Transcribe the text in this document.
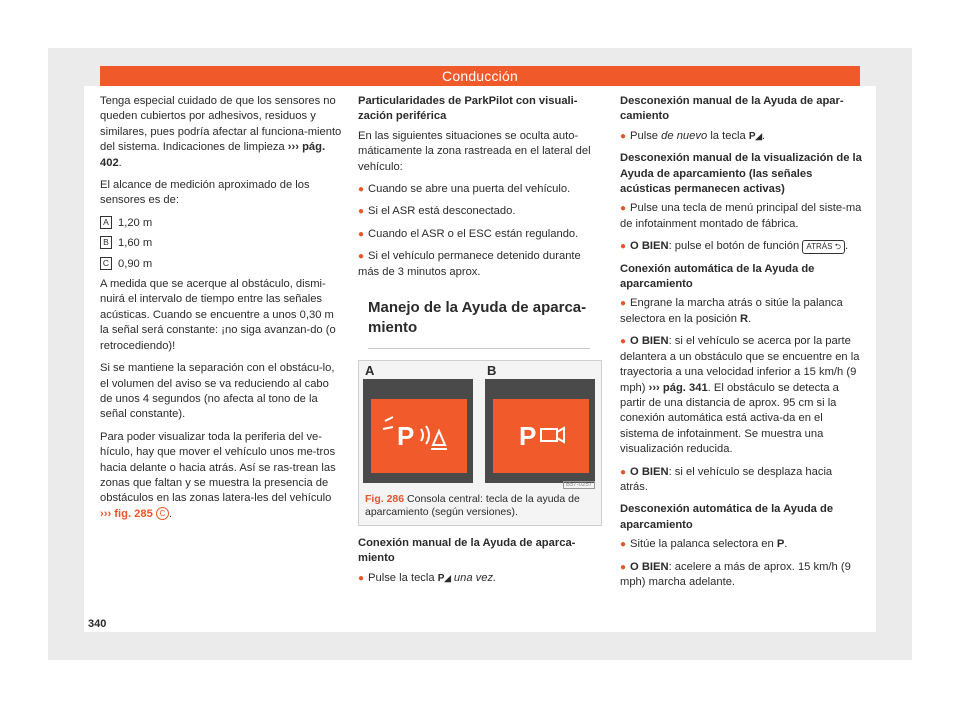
Conducción

Tenga especial cuidado de que los sensores no queden cubiertos por adhesivos, residuos y similares, pues podría afectar al funciona-miento del sistema. Indicaciones de limpieza ››› pág. 402.

El alcance de medición aproximado de los sensores es de:

A 1,20 m
B 1,60 m
C 0,90 m

A medida que se acerque al obstáculo, dismi-nuirá el intervalo de tiempo entre las señales acústicas. Cuando se encuentre a unos 0,30 m la señal será constante: ¡no siga avanzan-do (o retrocediendo)!

Si se mantiene la separación con el obstácu-lo, el volumen del aviso se va reduciendo al cabo de unos 4 segundos (no afecta al tono de la señal constante).

Para poder visualizar toda la periferia del ve-hículo, hay que mover el vehículo unos me-tros hacia delante o hacia atrás. Así se ras-trean las zonas que faltan y se muestra la presencia de obstáculos en las zonas latera-les del vehículo ››› fig. 285 C .

Particularidades de ParkPilot con visuali-zación periférica

En las siguientes situaciones se oculta auto-máticamente la zona rastreada en el lateral del vehículo:

● Cuando se abre una puerta del vehículo.

● Si el ASR está desconectado.

● Cuando el ASR o el ESC están regulando.

● Si el vehículo permanece detenido durante más de 3 minutos aprox.

Manejo de la Ayuda de aparca-miento
A	B
P	P
B57-0257
Fig. 286 Consola central: tecla de la ayuda de aparcamiento (según versiones).

Conexión manual de la Ayuda de aparca-miento

● Pulse la tecla P◢ una vez.

Desconexión manual de la Ayuda de apar-camiento

● Pulse de nuevo la tecla P◢.

Desconexión manual de la visualización de la Ayuda de aparcamiento (las señales acústicas permanecen activas)

● Pulse una tecla de menú principal del siste-ma de infotainment montado de fábrica.

● O BIEN: pulse el botón de función ATRÁS ⮌ .

Conexión automática de la Ayuda de aparcamiento

● Engrane la marcha atrás o sitúe la palanca selectora en la posición R.

● O BIEN: si el vehículo se acerca por la parte delantera a un obstáculo que se encuentre en la trayectoria a una velocidad inferior a 15 km/h (9 mph) ››› pág. 341. El obstáculo se detecta a partir de una distancia de aprox. 95 cm si la conexión automática está activa-da en el sistema de infotainment. Se muestra una visualización reducida.

● O BIEN: si el vehículo se desplaza hacia atrás.

Desconexión automática de la Ayuda de aparcamiento

● Sitúe la palanca selectora en P.

● O BIEN: acelere a más de aprox. 15 km/h (9 mph) marcha adelante.

340
